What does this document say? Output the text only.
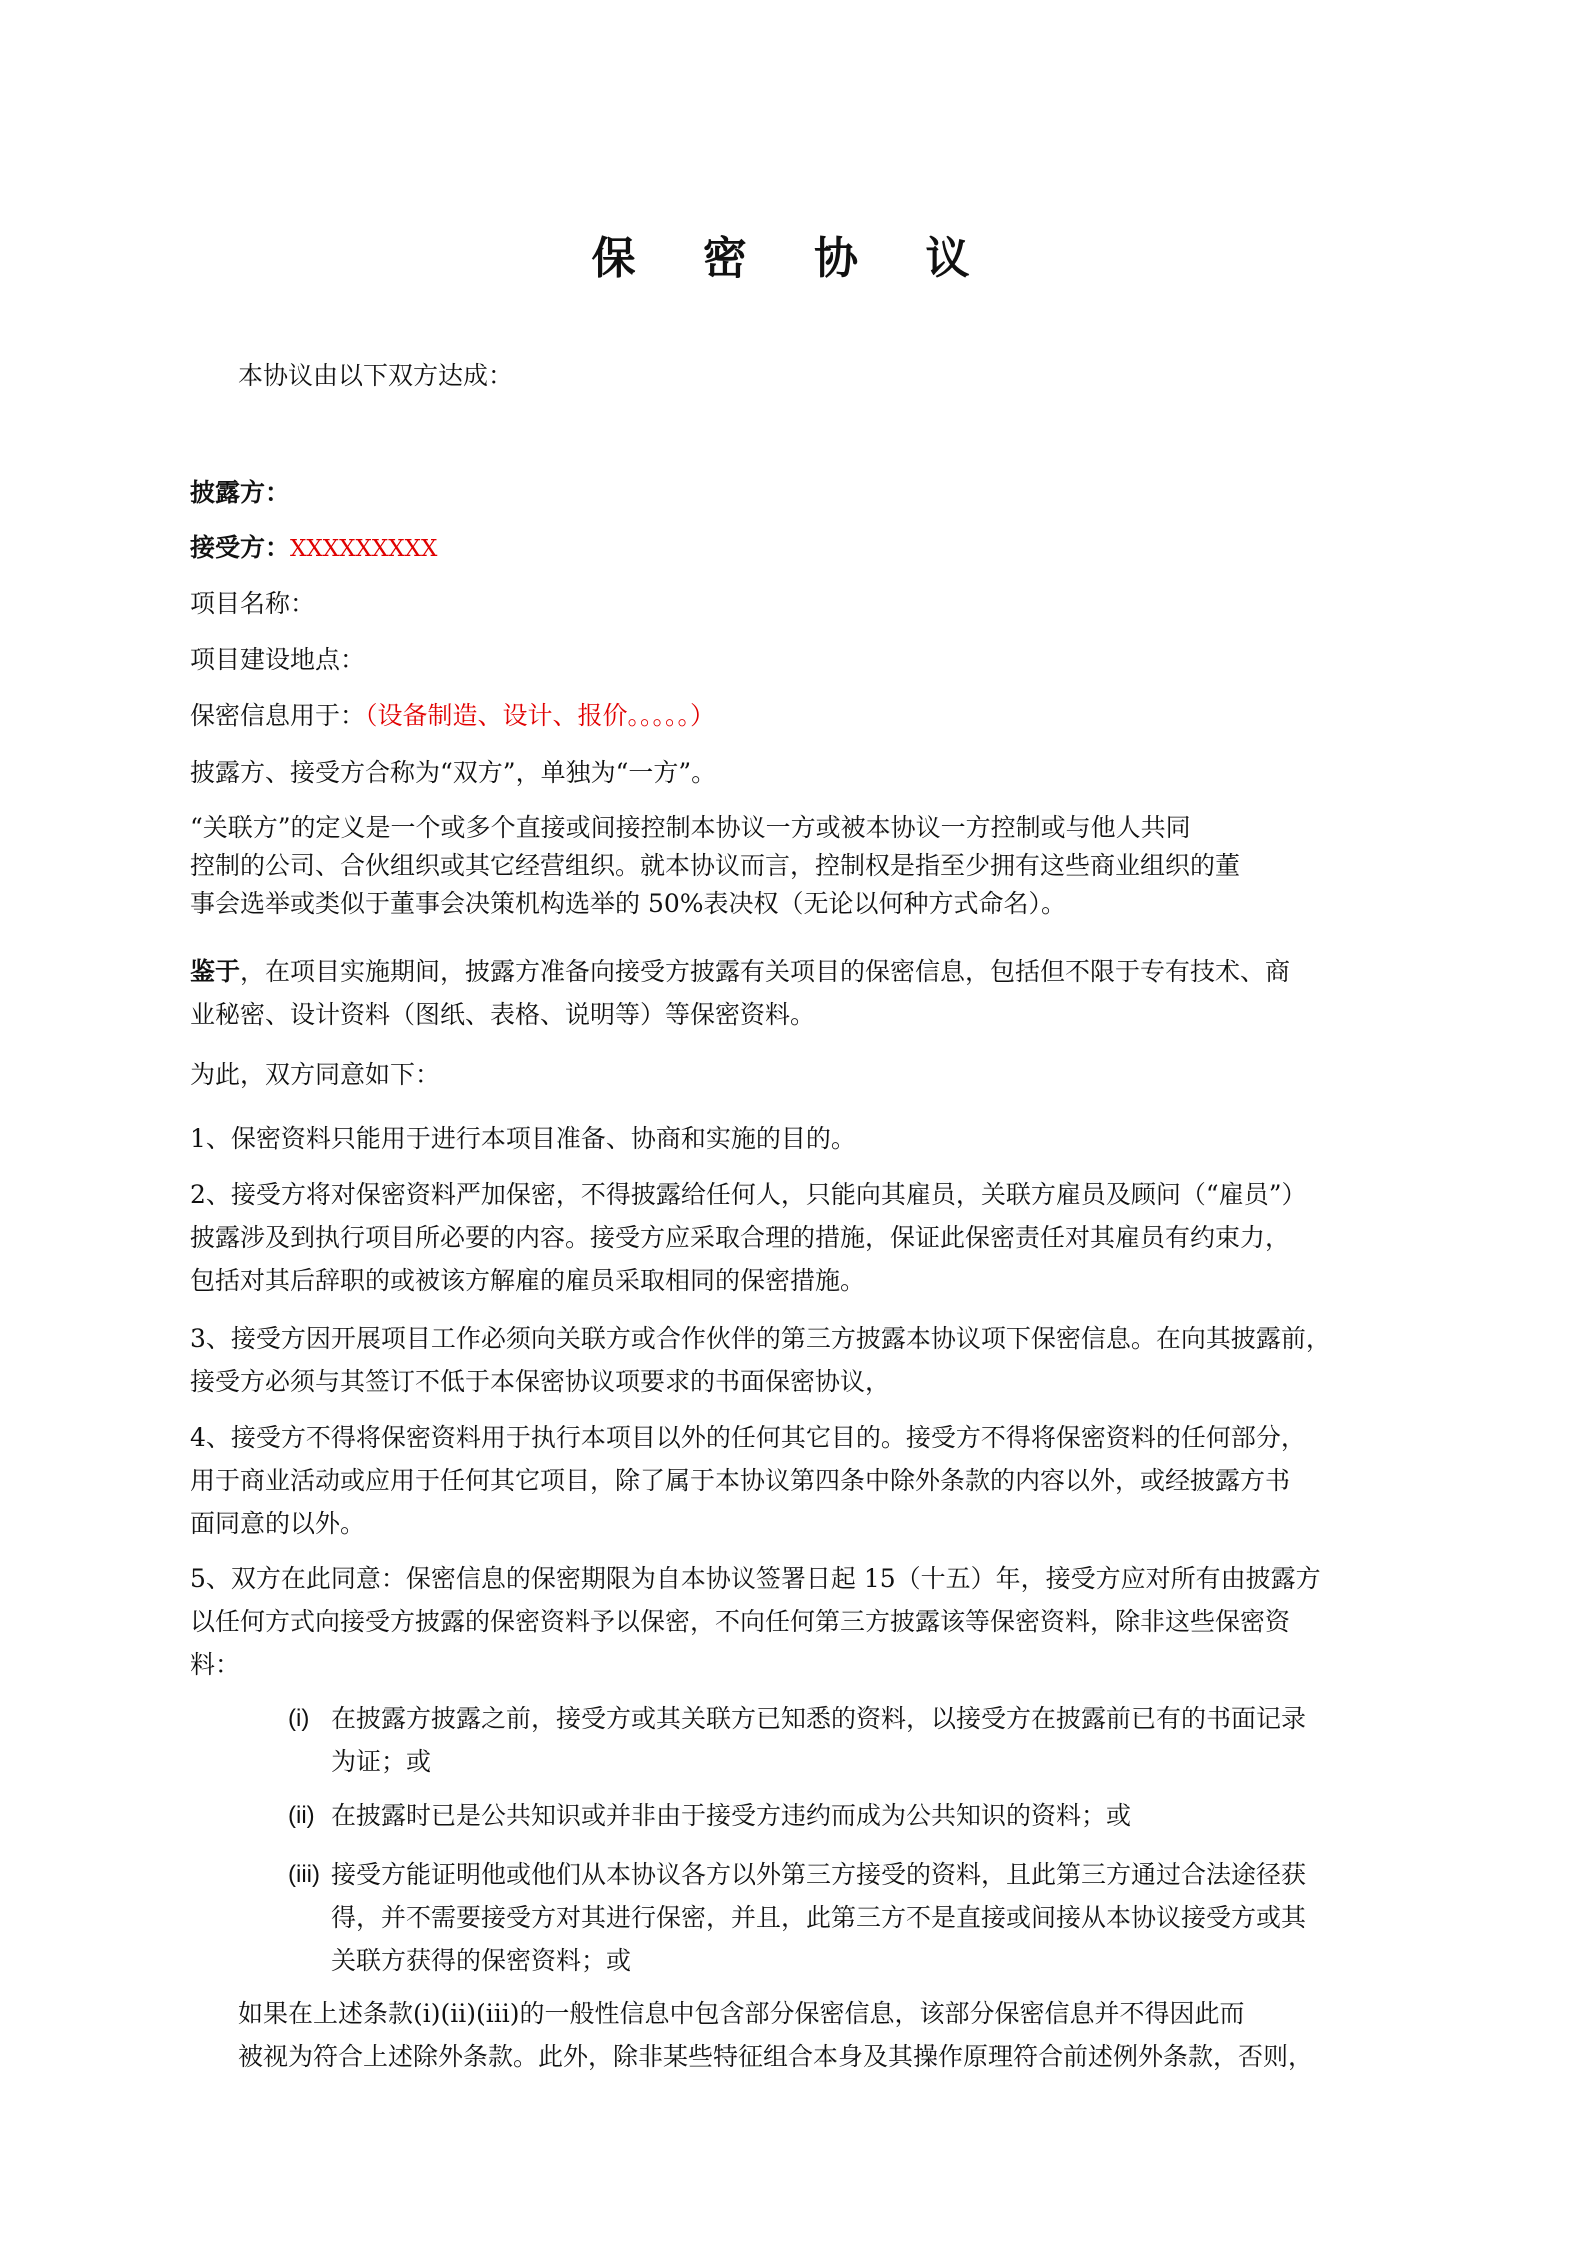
保 密 协 议
本协议由以下双方达成：
披露方：
接受方：XXXXXXXXX
项目名称：
项目建设地点：
保密信息用于：（设备制造、设计、报价。。。。。）
披露方、接受方合称为“双方”，单独为“一方”。
“关联方”的定义是一个或多个直接或间接控制本协议一方或被本协议一方控制或与他人共同
控制的公司、合伙组织或其它经营组织。就本协议而言，控制权是指至少拥有这些商业组织的董
事会选举或类似于董事会决策机构选举的 50%表决权（无论以何种方式命名）。
鉴于，在项目实施期间，披露方准备向接受方披露有关项目的保密信息，包括但不限于专有技术、商
业秘密、设计资料（图纸、表格、说明等）等保密资料。
为此，双方同意如下：
1、保密资料只能用于进行本项目准备、协商和实施的目的。
2、接受方将对保密资料严加保密，不得披露给任何人，只能向其雇员，关联方雇员及顾问（“雇员”）
披露涉及到执行项目所必要的内容。接受方应采取合理的措施，保证此保密责任对其雇员有约束力，
包括对其后辞职的或被该方解雇的雇员采取相同的保密措施。
3、接受方因开展项目工作必须向关联方或合作伙伴的第三方披露本协议项下保密信息。在向其披露前，
接受方必须与其签订不低于本保密协议项要求的书面保密协议，
4、接受方不得将保密资料用于执行本项目以外的任何其它目的。接受方不得将保密资料的任何部分，
用于商业活动或应用于任何其它项目，除了属于本协议第四条中除外条款的内容以外，或经披露方书
面同意的以外。
5、双方在此同意：保密信息的保密期限为自本协议签署日起 15（十五）年，接受方应对所有由披露方
以任何方式向接受方披露的保密资料予以保密，不向任何第三方披露该等保密资料，除非这些保密资
料：
(i) 在披露方披露之前，接受方或其关联方已知悉的资料，以接受方在披露前已有的书面记录
为证；或
(ii) 在披露时已是公共知识或并非由于接受方违约而成为公共知识的资料；或
(iii) 接受方能证明他或他们从本协议各方以外第三方接受的资料，且此第三方通过合法途径获
得，并不需要接受方对其进行保密，并且，此第三方不是直接或间接从本协议接受方或其
关联方获得的保密资料；或
如果在上述条款(i)(ii)(iii)的一般性信息中包含部分保密信息，该部分保密信息并不得因此而
被视为符合上述除外条款。此外，除非某些特征组合本身及其操作原理符合前述例外条款，否则，
